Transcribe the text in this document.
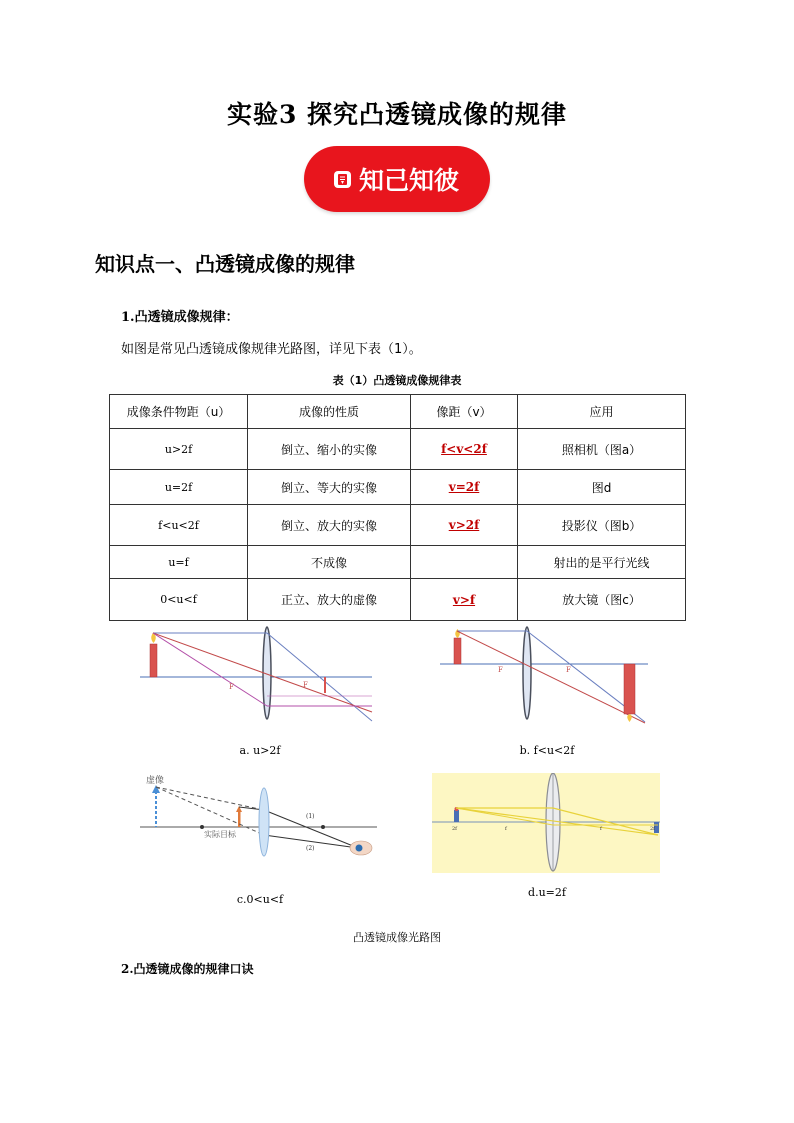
实验3 探究凸透镜成像的规律
知己知彼
知识点一、凸透镜成像的规律
1.凸透镜成像规律：
如图是常见凸透镜成像规律光路图，详见下表（1）。
表（1）凸透镜成像规律表
成像条件物距（u）	成像的性质	像距（v）	应用
u>2f	倒立、缩小的实像	f<v<2f	照相机（图a）
u=2f	倒立、等大的实像	v=2f	图d
f<u<2f	倒立、放大的实像	v>2f	投影仪（图b）
u=f	不成像		射出的是平行光线
0<u<f	正立、放大的虚像	v>f	放大镜（图c）
F	F
a. u>2f
F	F
b. f<u<2f
虚像
实际目标
(1)
(2)
c.0<u<f
2f	f	f	2f
d.u=2f
凸透镜成像光路图
2.凸透镜成像的规律口诀
